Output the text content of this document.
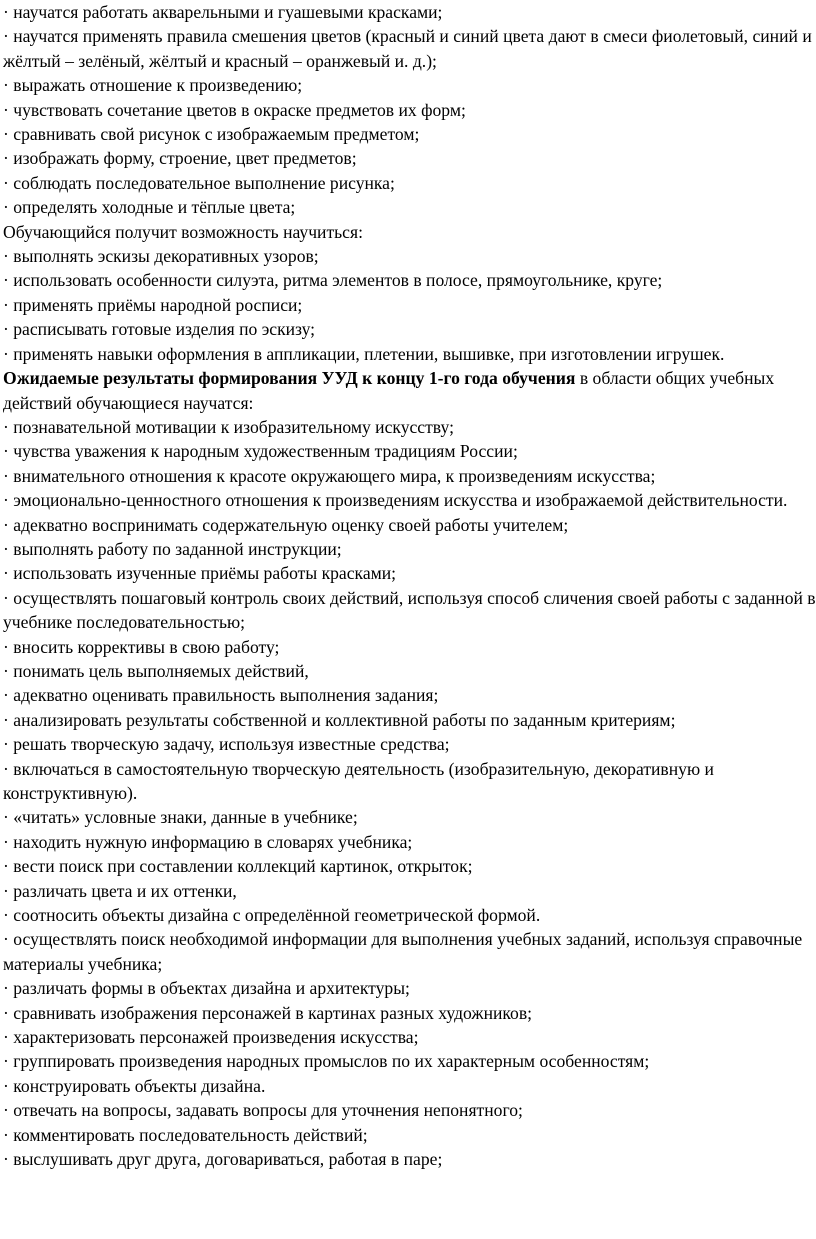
· научатся работать акварельными и гуашевыми красками;

· научатся применять правила смешения цветов (красный и синий цвета дают в смеси фиолетовый, синий и жёлтый – зелёный, жёлтый и красный – оранжевый и. д.);

· выражать отношение к произведению;

· чувствовать сочетание цветов в окраске предметов их форм;

· сравнивать свой рисунок с изображаемым предметом;

· изображать форму, строение, цвет предметов;

· соблюдать последовательное выполнение рисунка;

· определять холодные и тёплые цвета;

Обучающийся получит возможность научиться:

· выполнять эскизы декоративных узоров;

· использовать особенности силуэта, ритма элементов в полосе, прямоугольнике, круге;

· применять приёмы народной росписи;

· расписывать готовые изделия по эскизу;

· применять навыки оформления в аппликации, плетении, вышивке, при изготовлении игрушек.

Ожидаемые результаты формирования УУД к концу 1-го года обучения в области общих учебных действий обучающиеся научатся:

· познавательной мотивации к изобразительному искусству;

· чувства уважения к народным художественным традициям России;

· внимательного отношения к красоте окружающего мира, к произведениям искусства;

· эмоционально-ценностного отношения к произведениям искусства и изображаемой действительности.

· адекватно воспринимать содержательную оценку своей работы учителем;

· выполнять работу по заданной инструкции;

· использовать изученные приёмы работы красками;

· осуществлять пошаговый контроль своих действий, используя способ сличения своей работы с заданной в учебнике последовательностью;

· вносить коррективы в свою работу;

· понимать цель выполняемых действий,

· адекватно оценивать правильность выполнения задания;

· анализировать результаты собственной и коллективной работы по заданным критериям;

· решать творческую задачу, используя известные средства;

· включаться в самостоятельную творческую деятельность (изобразительную, декоративную и конструктивную).

· «читать» условные знаки, данные в учебнике;

· находить нужную информацию в словарях учебника;

· вести поиск при составлении коллекций картинок, открыток;

· различать цвета и их оттенки,

· соотносить объекты дизайна с определённой геометрической формой.

· осуществлять поиск необходимой информации для выполнения учебных заданий, используя справочные материалы учебника;

· различать формы в объектах дизайна и архитектуры;

· сравнивать изображения персонажей в картинах разных художников;

· характеризовать персонажей произведения искусства;

· группировать произведения народных промыслов по их характерным особенностям;

· конструировать объекты дизайна.

· отвечать на вопросы, задавать вопросы для уточнения непонятного;

· комментировать последовательность действий;

· выслушивать друг друга, договариваться, работая в паре;
